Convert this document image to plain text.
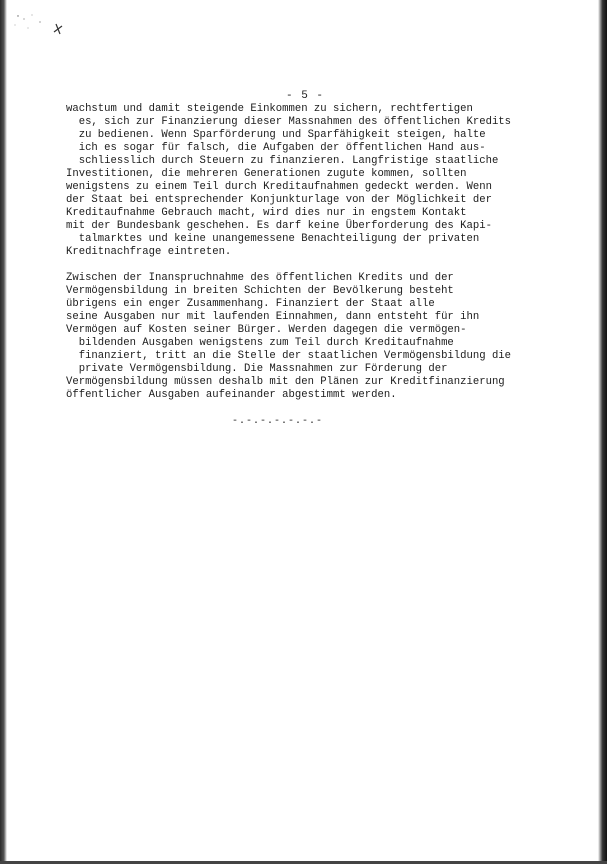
- 5 -
wachstum und damit steigende Einkommen zu sichern, rechtfertigen
es, sich zur Finanzierung dieser Massnahmen des öffentlichen Kredits
zu bedienen. Wenn Sparförderung und Sparfähigkeit steigen, halte
ich es sogar für falsch, die Aufgaben der öffentlichen Hand aus-
schliesslich durch Steuern zu finanzieren. Langfristige staatliche
Investitionen, die mehreren Generationen zugute kommen, sollten
wenigstens zu einem Teil durch Kreditaufnahmen gedeckt werden. Wenn
der Staat bei entsprechender Konjunkturlage von der Möglichkeit der
Kreditaufnahme Gebrauch macht, wird dies nur in engstem Kontakt
mit der Bundesbank geschehen. Es darf keine Überforderung des Kapi-
talmarktes und keine unangemessene Benachteiligung der privaten
Kreditnachfrage eintreten.
Zwischen der Inanspruchnahme des öffentlichen Kredits und der
Vermögensbildung in breiten Schichten der Bevölkerung besteht
übrigens ein enger Zusammenhang. Finanziert der Staat alle
seine Ausgaben nur mit laufenden Einnahmen, dann entsteht für ihn
Vermögen auf Kosten seiner Bürger. Werden dagegen die vermögen-
bildenden Ausgaben wenigstens zum Teil durch Kreditaufnahme
finanziert, tritt an die Stelle der staatlichen Vermögensbildung die
private Vermögensbildung. Die Massnahmen zur Förderung der
Vermögensbildung müssen deshalb mit den Plänen zur Kreditfinanzierung
öffentlicher Ausgaben aufeinander abgestimmt werden.
-.-.-.-.-.-.-
